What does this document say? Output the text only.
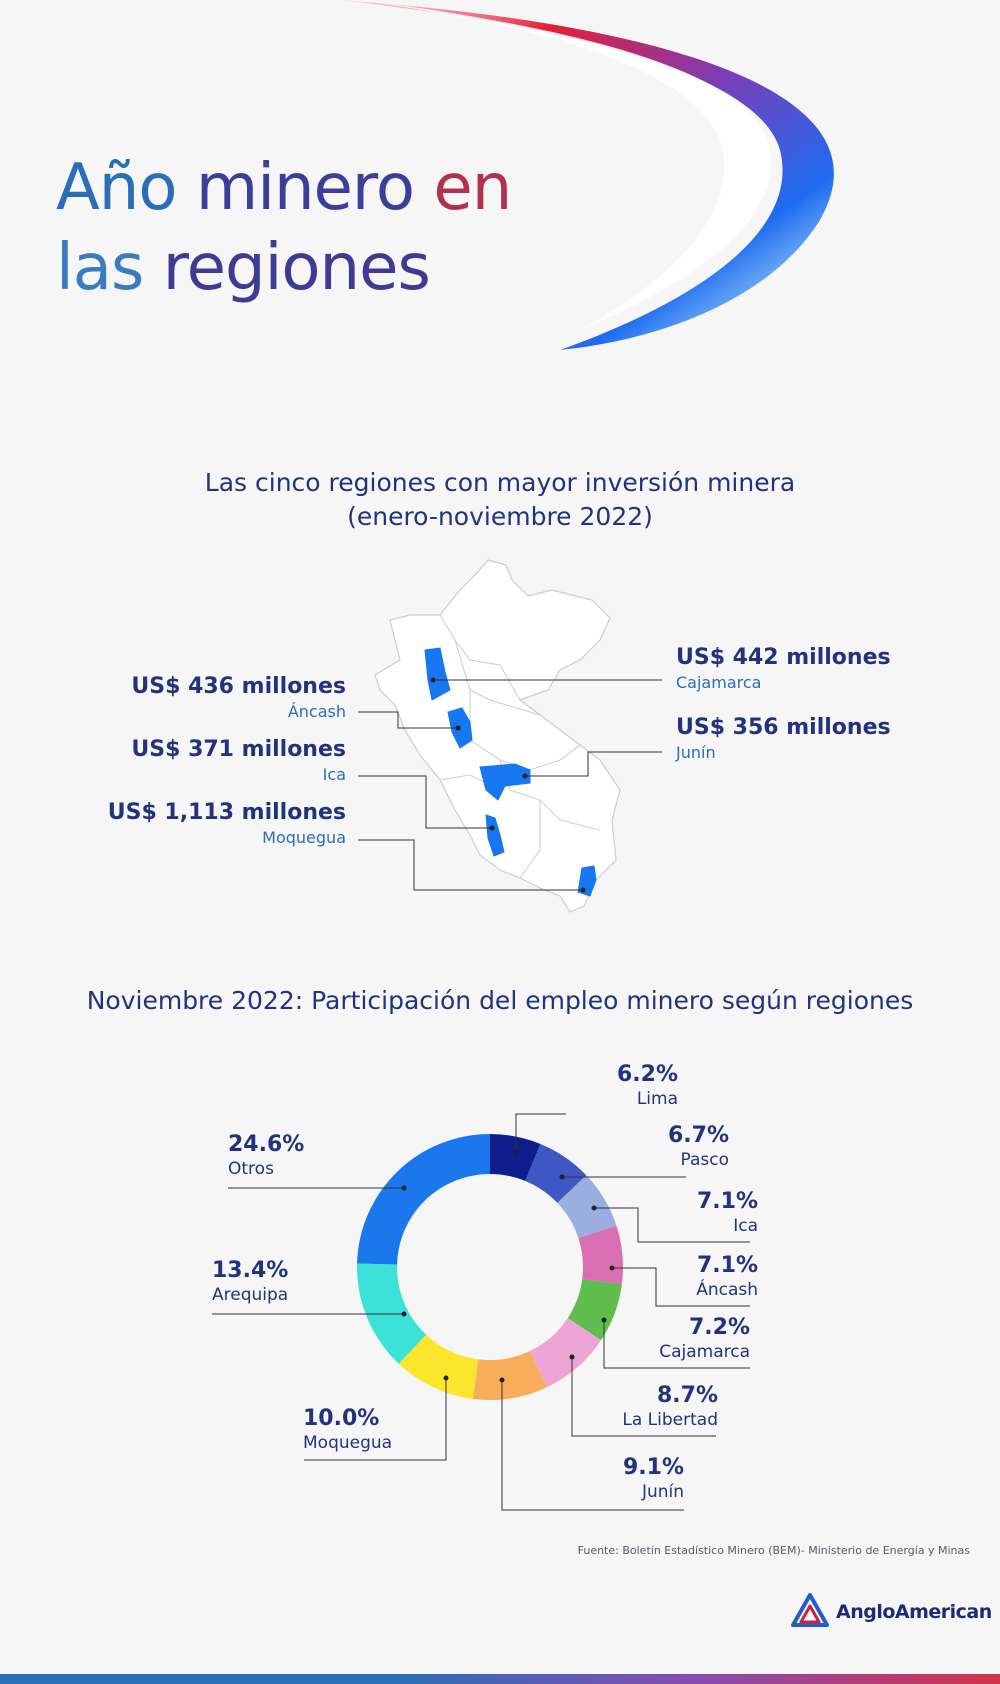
Año minero en
las regiones
Las cinco regiones con mayor inversión minera
(enero-noviembre 2022)
US$ 436 millones
Áncash
US$ 371 millones
Ica
US$ 1,113 millones
Moquegua
US$ 442 millones
Cajamarca
US$ 356 millones
Junín
Noviembre 2022: Participación del empleo minero según regiones
6.2%
Lima
6.7%
Pasco
7.1%
Ica
7.1%
Áncash
7.2%
Cajamarca
8.7%
La Libertad
9.1%
Junín
10.0%
Moquegua
13.4%
Arequipa
24.6%
Otros
Fuente: Boletín Estadístico Minero (BEM)- Ministerio de Energía y Minas
AngloAmerican
